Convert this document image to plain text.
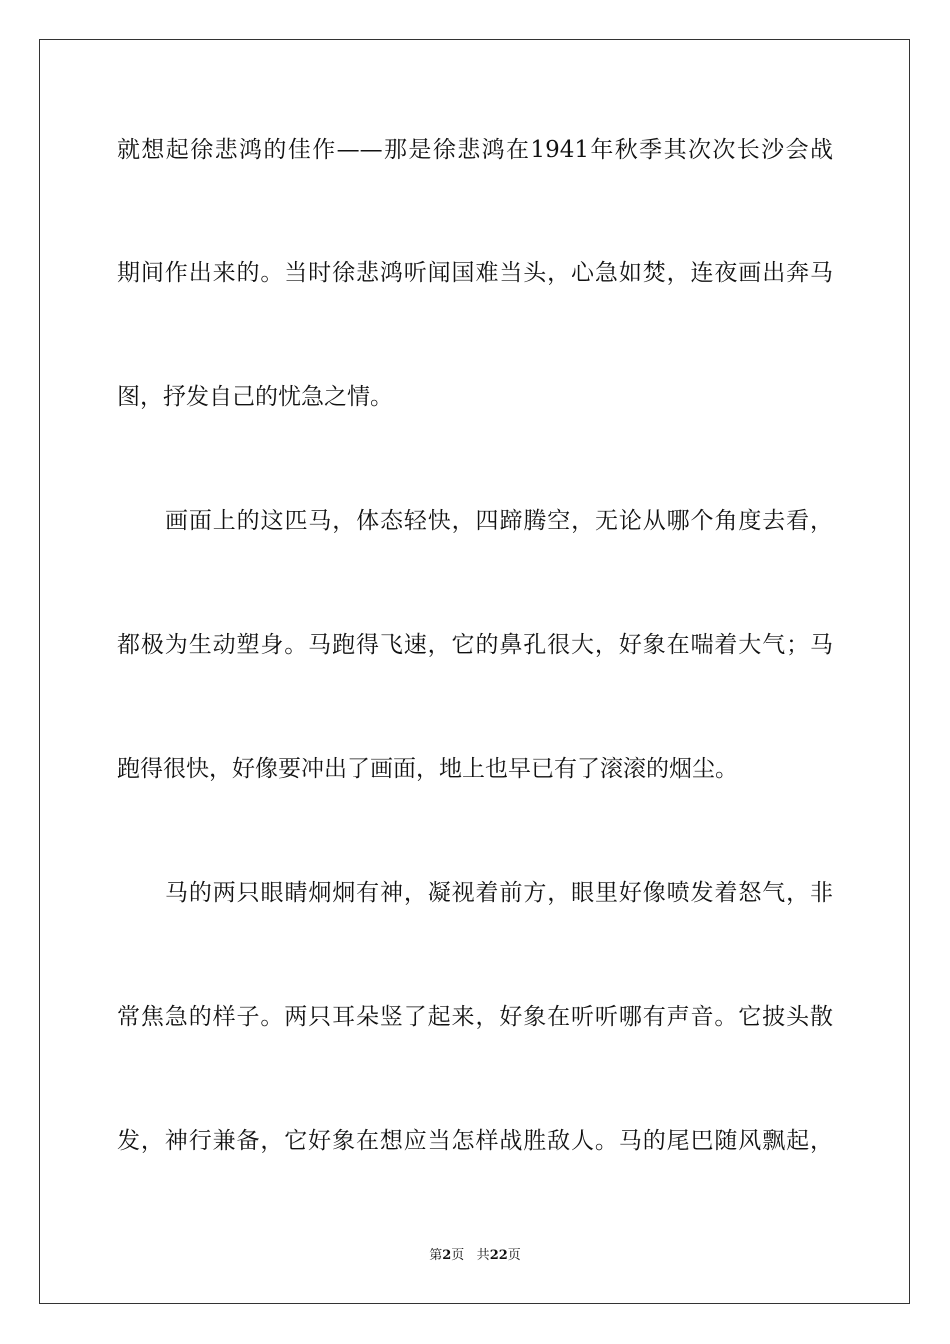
就想起徐悲鸿的佳作——那是徐悲鸿在1941年秋季其次次长沙会战

期间作出来的。当时徐悲鸿听闻国难当头，心急如焚，连夜画出奔马

图，抒发自己的忧急之情。

画面上的这匹马，体态轻快，四蹄腾空，无论从哪个角度去看，

都极为生动塑身。马跑得飞速，它的鼻孔很大，好象在喘着大气；马

跑得很快，好像要冲出了画面，地上也早已有了滚滚的烟尘。

马的两只眼睛炯炯有神，凝视着前方，眼里好像喷发着怒气，非

常焦急的样子。两只耳朵竖了起来，好象在听听哪有声音。它披头散

发，神行兼备，它好象在想应当怎样战胜敌人。马的尾巴随风飘起，

第2页 共22页
